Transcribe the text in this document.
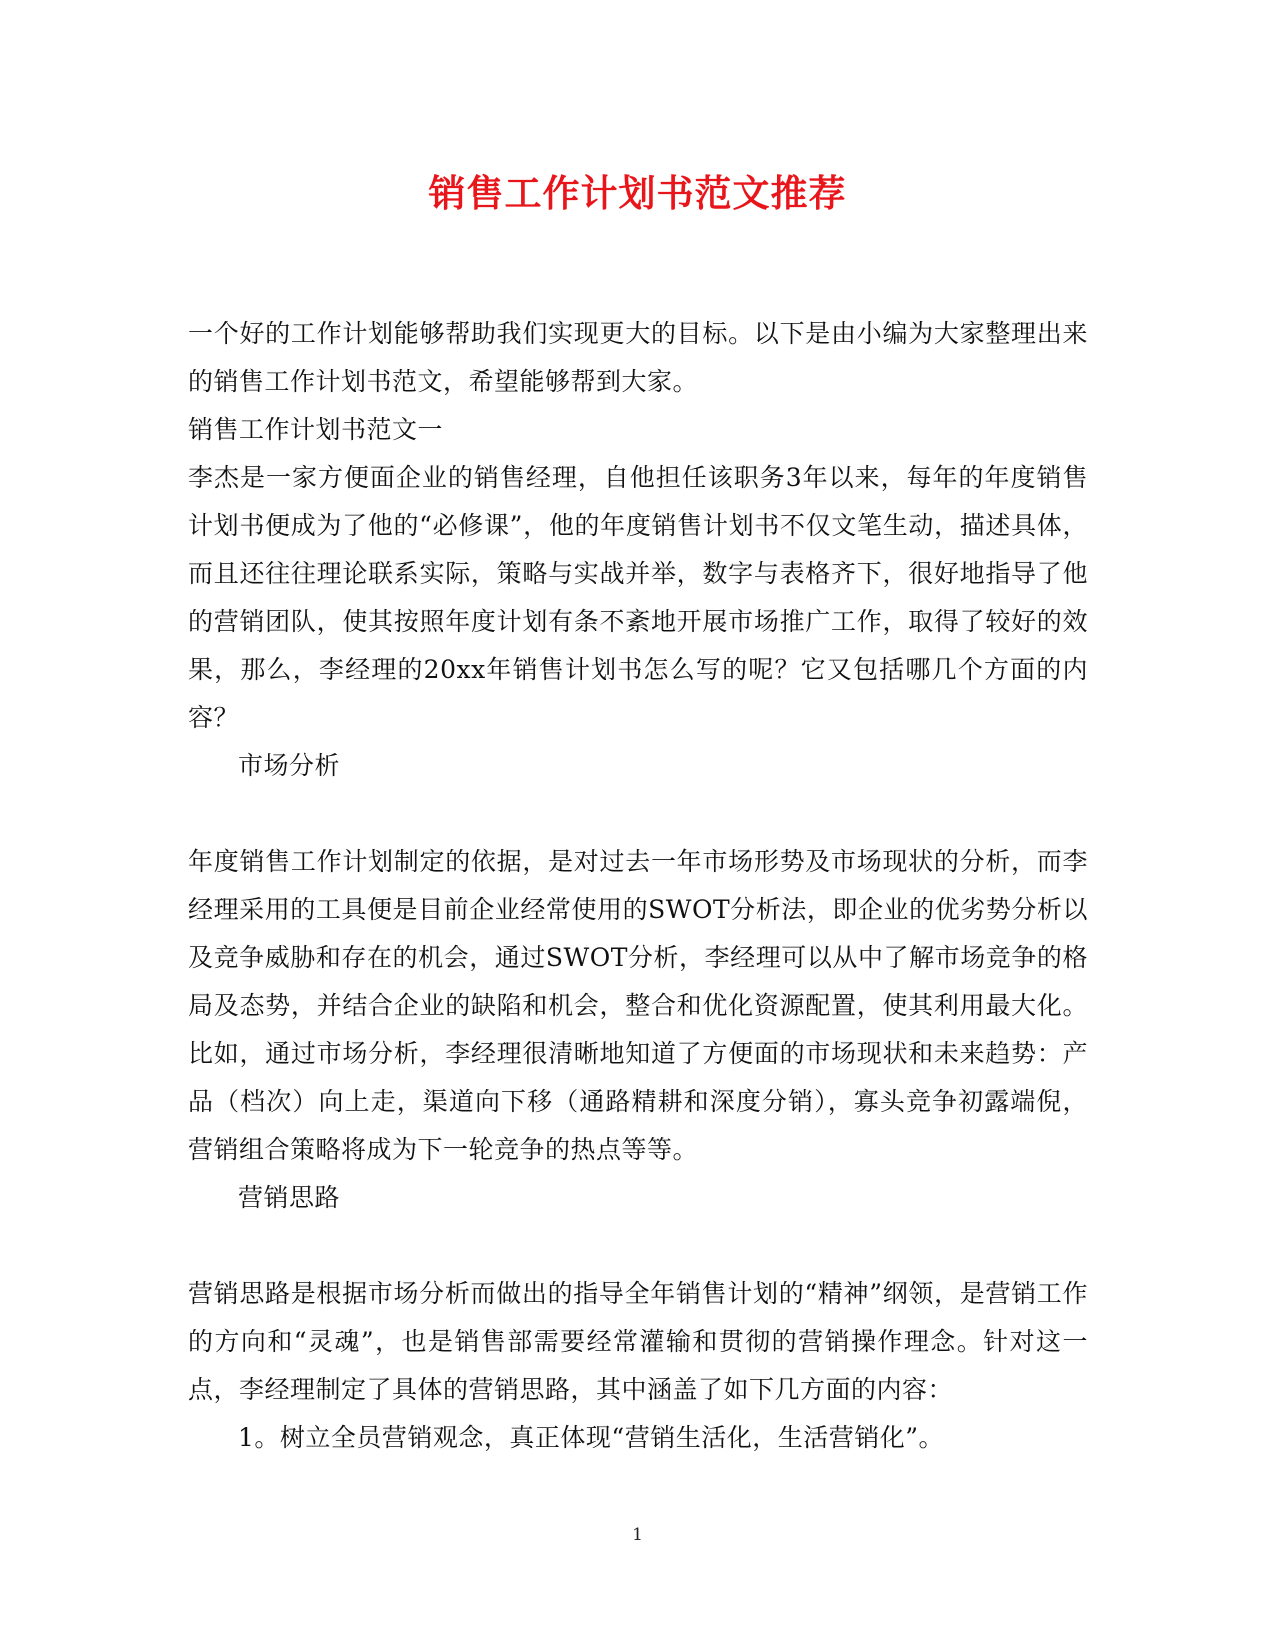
销售工作计划书范文推荐

一个好的工作计划能够帮助我们实现更大的目标。以下是由小编为大家整理出来的销售工作计划书范文，希望能够帮到大家。

销售工作计划书范文一

李杰是一家方便面企业的销售经理，自他担任该职务3年以来，每年的年度销售计划书便成为了他的“必修课”，他的年度销售计划书不仅文笔生动，描述具体，而且还往往理论联系实际，策略与实战并举，数字与表格齐下，很好地指导了他的营销团队，使其按照年度计划有条不紊地开展市场推广工作，取得了较好的效果，那么，李经理的20xx年销售计划书怎么写的呢？它又包括哪几个方面的内容？

市场分析

年度销售工作计划制定的依据，是对过去一年市场形势及市场现状的分析，而李经理采用的工具便是目前企业经常使用的SWOT分析法，即企业的优劣势分析以及竞争威胁和存在的机会，通过SWOT分析，李经理可以从中了解市场竞争的格局及态势，并结合企业的缺陷和机会，整合和优化资源配置，使其利用最大化。比如，通过市场分析，李经理很清晰地知道了方便面的市场现状和未来趋势：产品（档次）向上走，渠道向下移（通路精耕和深度分销），寡头竞争初露端倪，营销组合策略将成为下一轮竞争的热点等等。

营销思路

营销思路是根据市场分析而做出的指导全年销售计划的“精神”纲领，是营销工作的方向和“灵魂”，也是销售部需要经常灌输和贯彻的营销操作理念。针对这一点，李经理制定了具体的营销思路，其中涵盖了如下几方面的内容：

1。树立全员营销观念，真正体现“营销生活化，生活营销化”。

1
